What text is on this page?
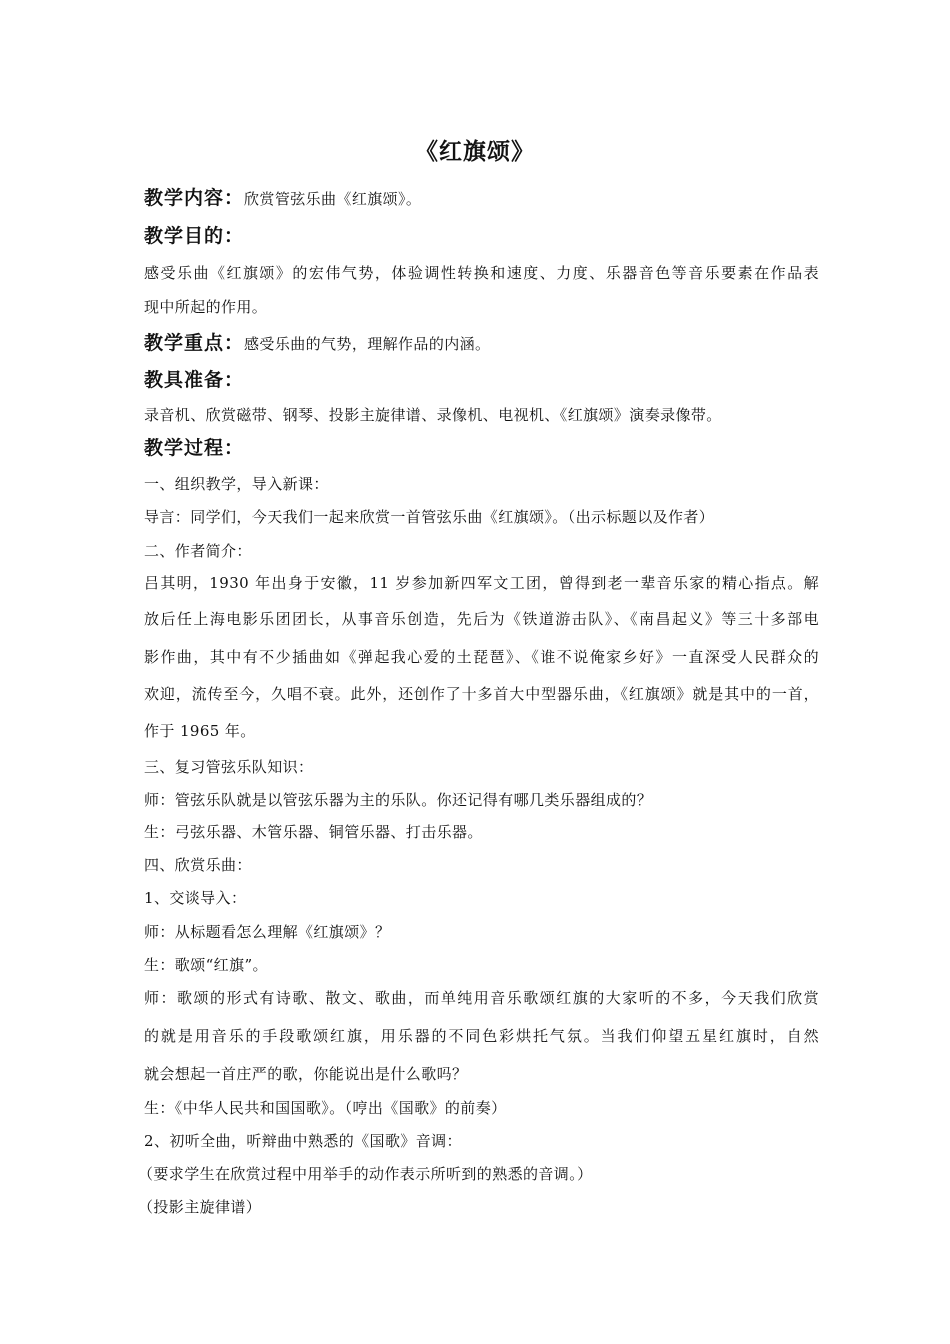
《红旗颂》
教学内容：欣赏管弦乐曲《红旗颂》。
教学目的：
感受乐曲《红旗颂》的宏伟气势，体验调性转换和速度、力度、乐器音色等音乐要素在作品表
现中所起的作用。
教学重点：感受乐曲的气势，理解作品的内涵。
教具准备：
录音机、欣赏磁带、钢琴、投影主旋律谱、录像机、电视机、《红旗颂》演奏录像带。
教学过程：
一、组织教学，导入新课：
导言：同学们，今天我们一起来欣赏一首管弦乐曲《红旗颂》。（出示标题以及作者）
二、作者简介：
吕其明，1930 年出身于安徽，11 岁参加新四军文工团，曾得到老一辈音乐家的精心指点。解
放后任上海电影乐团团长，从事音乐创造，先后为《铁道游击队》、《南昌起义》等三十多部电
影作曲，其中有不少插曲如《弹起我心爱的土琵琶》、《谁不说俺家乡好》一直深受人民群众的
欢迎，流传至今，久唱不衰。此外，还创作了十多首大中型器乐曲，《红旗颂》就是其中的一首，
作于 1965 年。
三、复习管弦乐队知识：
师：管弦乐队就是以管弦乐器为主的乐队。你还记得有哪几类乐器组成的？
生：弓弦乐器、木管乐器、铜管乐器、打击乐器。
四、欣赏乐曲：
1、交谈导入：
师：从标题看怎么理解《红旗颂》？
生：歌颂“红旗”。
师：歌颂的形式有诗歌、散文、歌曲，而单纯用音乐歌颂红旗的大家听的不多，今天我们欣赏
的就是用音乐的手段歌颂红旗，用乐器的不同色彩烘托气氛。当我们仰望五星红旗时，自然
就会想起一首庄严的歌，你能说出是什么歌吗？
生：《中华人民共和国国歌》。（哼出《国歌》的前奏）
2、初听全曲，听辩曲中熟悉的《国歌》音调：
（要求学生在欣赏过程中用举手的动作表示所听到的熟悉的音调。）
（投影主旋律谱）
